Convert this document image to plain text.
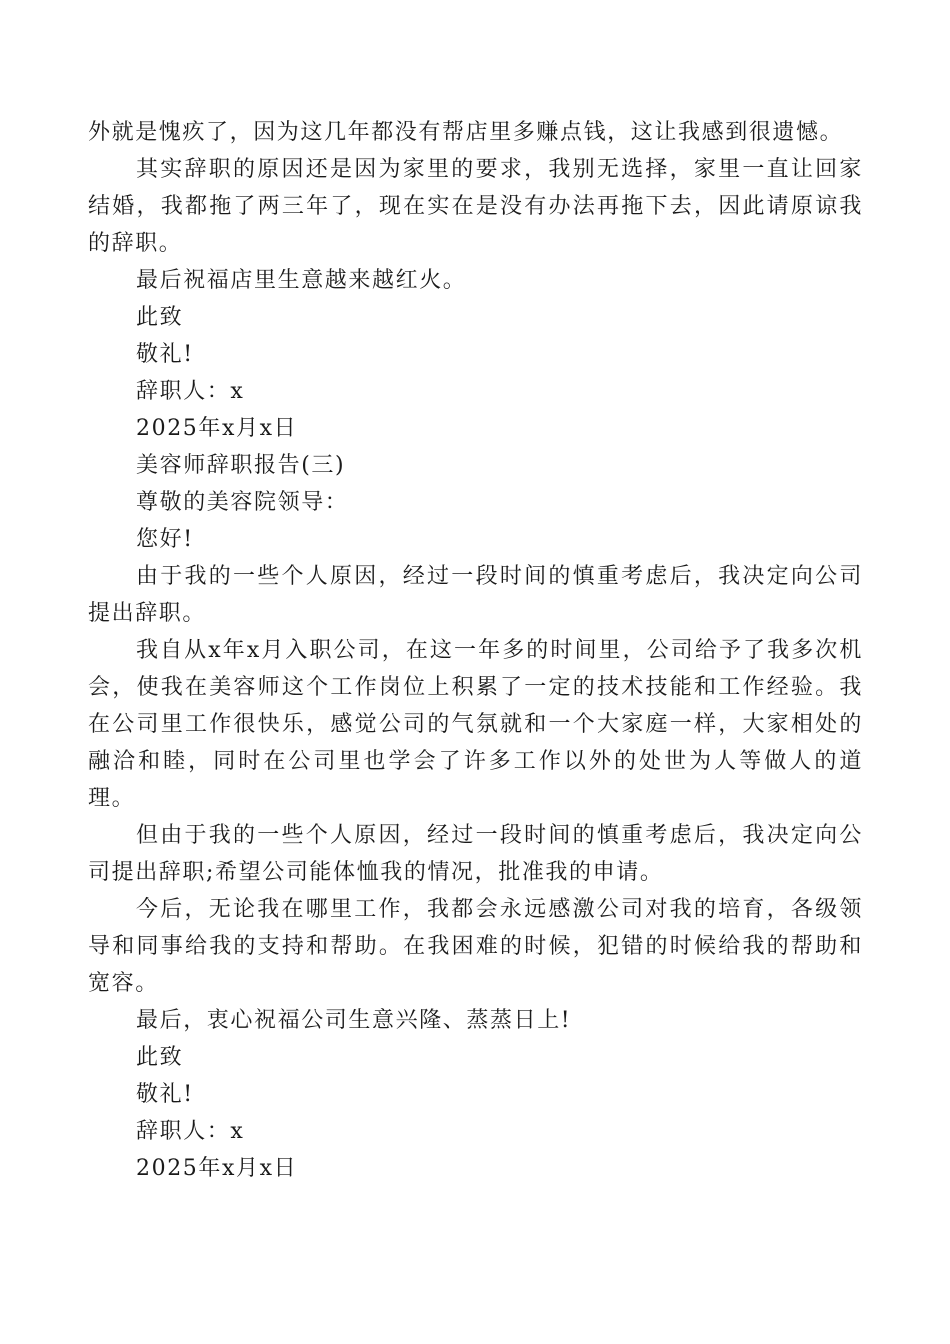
外就是愧疚了，因为这几年都没有帮店里多赚点钱，这让我感到很遗憾。

其实辞职的原因还是因为家里的要求，我别无选择，家里一直让回家结婚，我都拖了两三年了，现在实在是没有办法再拖下去，因此请原谅我的辞职。

最后祝福店里生意越来越红火。

此致

敬礼!

辞职人：x

2025年x月x日

美容师辞职报告(三)

尊敬的美容院领导：

您好!

由于我的一些个人原因，经过一段时间的慎重考虑后，我决定向公司提出辞职。

我自从x年x月入职公司，在这一年多的时间里，公司给予了我多次机会，使我在美容师这个工作岗位上积累了一定的技术技能和工作经验。我在公司里工作很快乐，感觉公司的气氛就和一个大家庭一样，大家相处的融洽和睦，同时在公司里也学会了许多工作以外的处世为人等做人的道理。

但由于我的一些个人原因，经过一段时间的慎重考虑后，我决定向公司提出辞职;希望公司能体恤我的情况，批准我的申请。

今后，无论我在哪里工作，我都会永远感激公司对我的培育，各级领导和同事给我的支持和帮助。在我困难的时候，犯错的时候给我的帮助和宽容。

最后，衷心祝福公司生意兴隆、蒸蒸日上!

此致

敬礼!

辞职人：x

2025年x月x日
